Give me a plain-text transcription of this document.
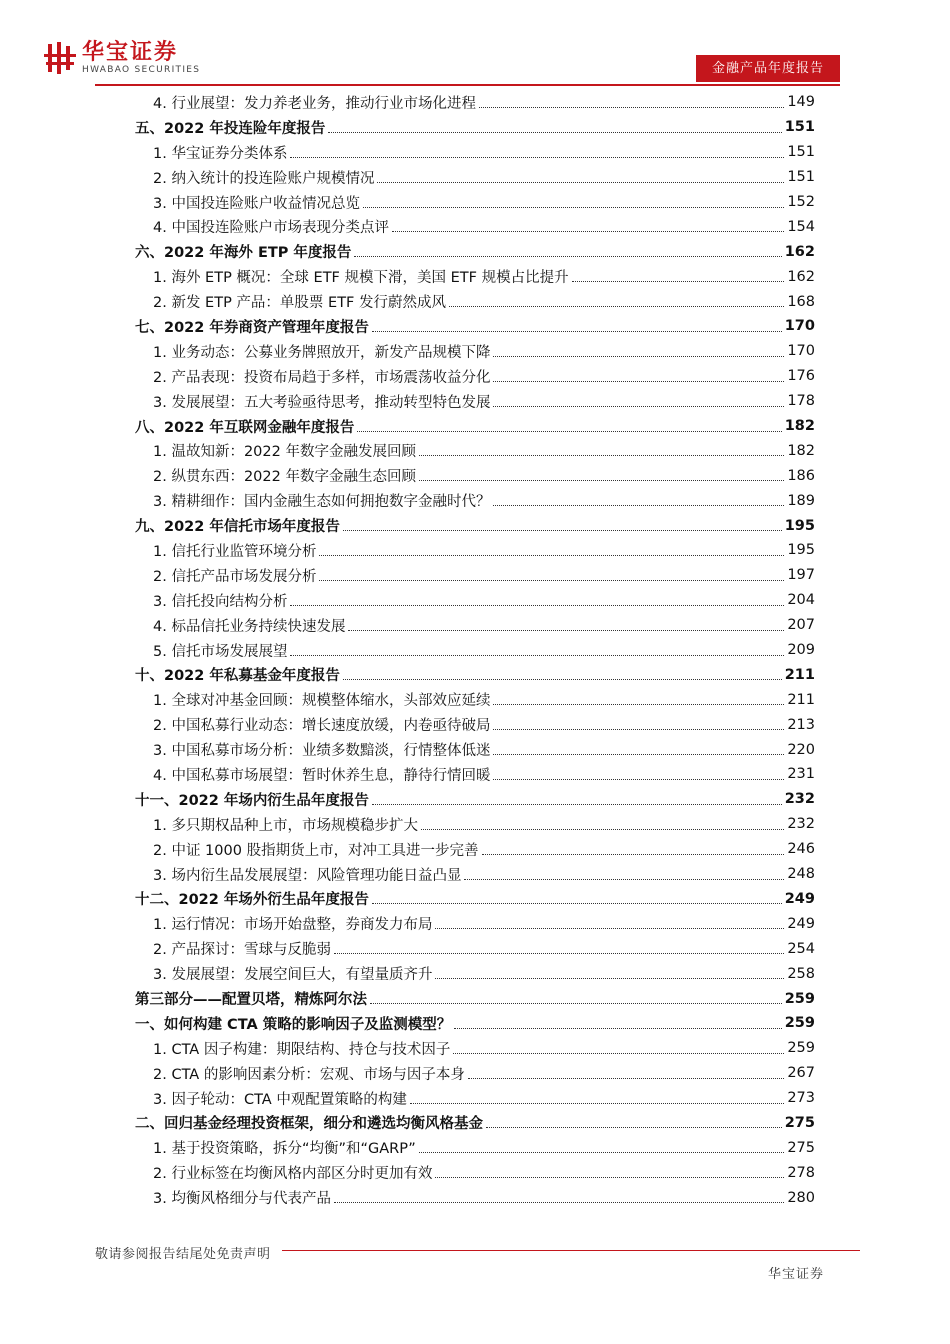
华宝证券
HWABAO SECURITIES	金融产品年度报告
4. 行业展望：发力养老业务，推动行业市场化进程	149
五、2022 年投连险年度报告	151
1. 华宝证券分类体系	151
2. 纳入统计的投连险账户规模情况	151
3. 中国投连险账户收益情况总览	152
4. 中国投连险账户市场表现分类点评	154
六、2022 年海外 ETP 年度报告	162
1. 海外 ETP 概况：全球 ETF 规模下滑，美国 ETF 规模占比提升	162
2. 新发 ETP 产品：单股票 ETF 发行蔚然成风	168
七、2022 年券商资产管理年度报告	170
1. 业务动态：公募业务牌照放开，新发产品规模下降	170
2. 产品表现：投资布局趋于多样，市场震荡收益分化	176
3. 发展展望：五大考验亟待思考，推动转型特色发展	178
八、2022 年互联网金融年度报告	182
1. 温故知新：2022 年数字金融发展回顾	182
2. 纵贯东西：2022 年数字金融生态回顾	186
3. 精耕细作：国内金融生态如何拥抱数字金融时代？	189
九、2022 年信托市场年度报告	195
1. 信托行业监管环境分析	195
2. 信托产品市场发展分析	197
3. 信托投向结构分析	204
4. 标品信托业务持续快速发展	207
5. 信托市场发展展望	209
十、2022 年私募基金年度报告	211
1. 全球对冲基金回顾：规模整体缩水，头部效应延续	211
2. 中国私募行业动态：增长速度放缓，内卷亟待破局	213
3. 中国私募市场分析：业绩多数黯淡，行情整体低迷	220
4. 中国私募市场展望：暂时休养生息，静待行情回暖	231
十一、2022 年场内衍生品年度报告	232
1. 多只期权品种上市，市场规模稳步扩大	232
2. 中证 1000 股指期货上市，对冲工具进一步完善	246
3. 场内衍生品发展展望：风险管理功能日益凸显	248
十二、2022 年场外衍生品年度报告	249
1. 运行情况：市场开始盘整，券商发力布局	249
2. 产品探讨：雪球与反脆弱	254
3. 发展展望：发展空间巨大，有望量质齐升	258
第三部分——配置贝塔，精炼阿尔法	259
一、如何构建 CTA 策略的影响因子及监测模型？	259
1. CTA 因子构建：期限结构、持仓与技术因子	259
2. CTA 的影响因素分析：宏观、市场与因子本身	267
3. 因子轮动：CTA 中观配置策略的构建	273
二、回归基金经理投资框架，细分和遴选均衡风格基金	275
1. 基于投资策略，拆分“均衡”和“GARP”	275
2. 行业标签在均衡风格内部区分时更加有效	278
3. 均衡风格细分与代表产品	280
敬请参阅报告结尾处免责声明
华宝证券
